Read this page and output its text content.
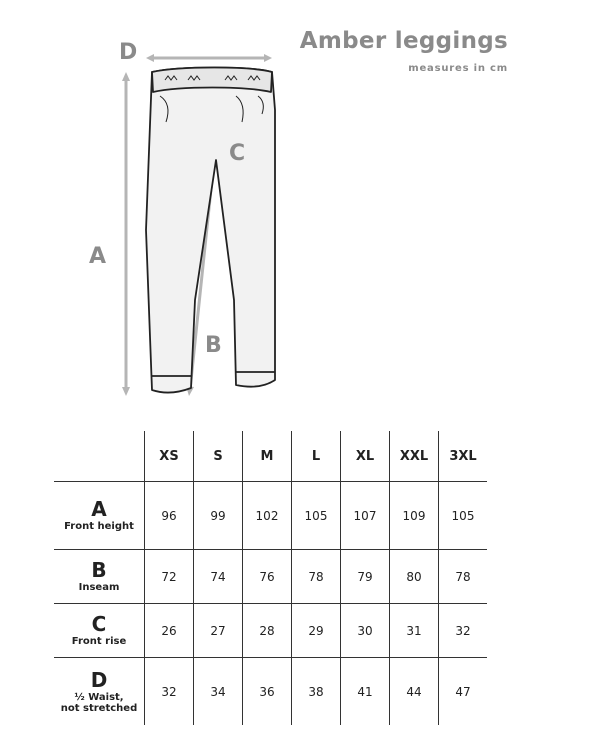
Amber leggings
measures in cm
D
A
C
B
	XS	S	M	L	XL	XXL	3XL

A
Front height	96	99	102	105	107	109	105

B
Inseam	72	74	76	78	79	80	78

C
Front rise	26	27	28	29	30	31	32

D
½ Waist,
not stretched	32	34	36	38	41	44	47
